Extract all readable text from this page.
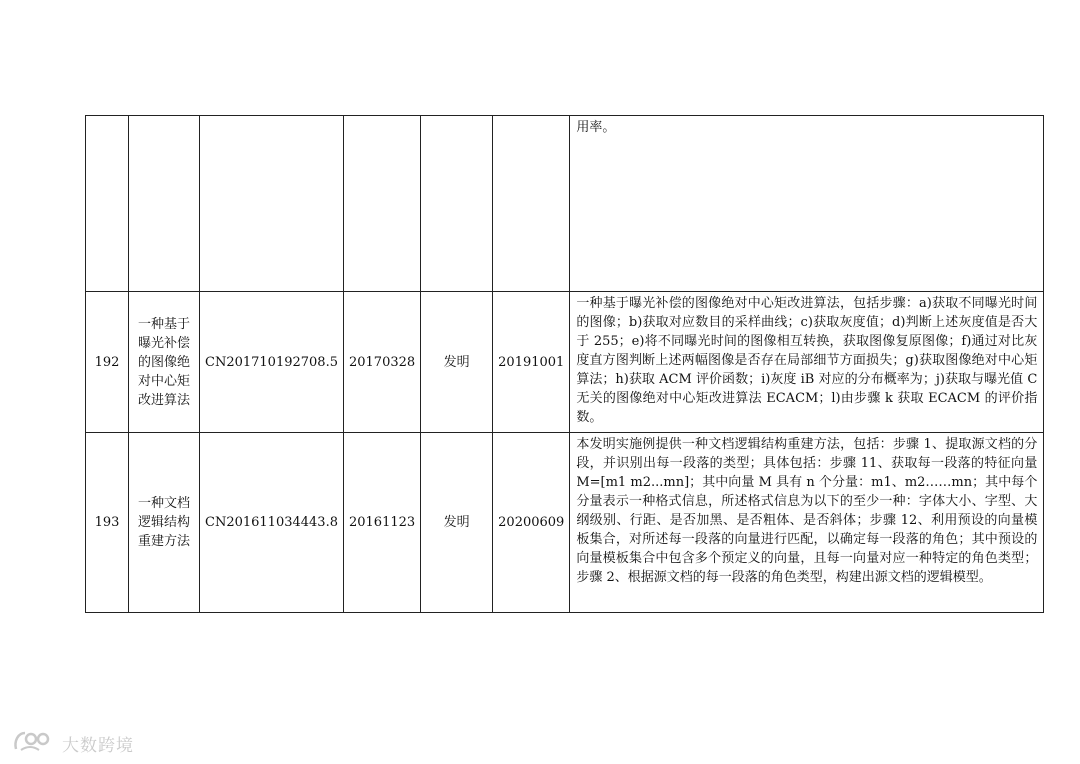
						用率。
192	一种基于曝光补偿的图像绝对中心矩改进算法	CN201710192708.5	20170328	发明	20191001	一种基于曝光补偿的图像绝对中心矩改进算法，包括步骤：a)获取不同曝光时间的图像；b)获取对应数目的采样曲线；c)获取灰度值；d)判断上述灰度值是否大于 255；e)将不同曝光时间的图像相互转换，获取图像复原图像；f)通过对比灰度直方图判断上述两幅图像是否存在局部细节方面损失；g)获取图像绝对中心矩算法；h)获取 ACM 评价函数；i)灰度 iB 对应的分布概率为；j)获取与曝光值 C 无关的图像绝对中心矩改进算法 ECACM；l)由步骤 k 获取 ECACM 的评价指数。
193	一种文档逻辑结构重建方法	CN201611034443.8	20161123	发明	20200609	本发明实施例提供一种文档逻辑结构重建方法，包括：步骤 1、提取源文档的分段，并识别出每一段落的类型；具体包括：步骤 11、获取每一段落的特征向量 M=[m1 m2...mn]；其中向量 M 具有 n 个分量：m1、m2……mn；其中每个分量表示一种格式信息，所述格式信息为以下的至少一种：字体大小、字型、大纲级别、行距、是否加黑、是否粗体、是否斜体；步骤 12、利用预设的向量模板集合，对所述每一段落的向量进行匹配，以确定每一段落的角色；其中预设的向量模板集合中包含多个预定义的向量，且每一向量对应一种特定的角色类型；步骤 2、根据源文档的每一段落的角色类型，构建出源文档的逻辑模型。
大数跨境
